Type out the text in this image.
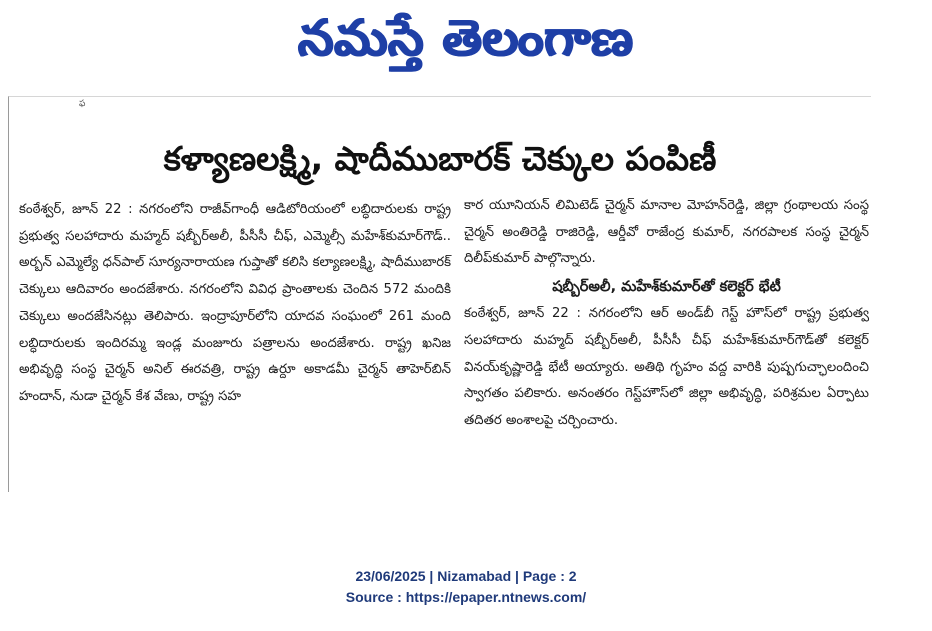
నమస్తే తెలంగాణ
ఫ
కళ్యాణలక్ష్మి, షాదీముబారక్ చెక్కుల పంపిణీ

కంఠేశ్వర్, జూన్ 22 : నగరంలోని రాజీవ్‌గాంధీ ఆడిటోరియంలో లబ్ధిదారులకు రాష్ట్ర ప్రభుత్వ సలహాదారు మహ్మద్ షబ్బీర్‌అలీ, పీసీసీ చీఫ్, ఎమ్మెల్సీ మహేశ్‌కుమార్‌గౌడ్.. అర్బన్ ఎమ్మెల్యే ధన్‌పాల్ సూర్యనారాయణ గుప్తాతో కలిసి కల్యాణలక్ష్మి, షాదీముబారక్ చెక్కులు ఆదివారం అందజేశారు. నగరంలోని వివిధ ప్రాంతాలకు చెందిన 572 మందికి చెక్కులు అందజేసినట్లు తెలిపారు. ఇంద్రాపూర్‌లోని యాదవ సంఘంలో 261 మంది లబ్ధిదారులకు ఇందిరమ్మ ఇండ్ల మంజూరు పత్రాలను అందజేశారు. రాష్ట్ర ఖనిజ అభివృద్ధి సంస్థ చైర్మన్ అనిల్ ఈరవత్రి, రాష్ట్ర ఉర్దూ అకాడమీ చైర్మన్ తాహెర్‌బిన్ హందాన్, నుడా చైర్మన్ కేశ వేణు, రాష్ట్ర సహ

కార యూనియన్ లిమిటెడ్ చైర్మన్ మానాల మోహన్‌రెడ్డి, జిల్లా గ్రంథాలయ సంస్థ చైర్మన్ అంతిరెడ్డి రాజిరెడ్డి, ఆర్డీవో రాజేంద్ర కుమార్, నగరపాలక సంస్థ చైర్మన్ దిలీప్‌కుమార్ పాల్గొన్నారు.

షబ్బీర్‌అలీ, మహేశ్‌కుమార్‌తో కలెక్టర్ భేటీ

కంఠేశ్వర్, జూన్ 22 : నగరంలోని ఆర్ అండ్‌బీ గెస్ట్ హౌస్‌లో రాష్ట్ర ప్రభుత్వ సలహాదారు మహ్మద్ షబ్బీర్‌అలీ, పీసీసీ చీఫ్ మహేశ్‌కుమార్‌గౌడ్‌తో కలెక్టర్ వినయ్‌కృష్ణారెడ్డి భేటీ అయ్యారు. అతిథి గృహం వద్ద వారికి పుష్పగుచ్ఛాలందించి స్వాగతం పలికారు. అనంతరం గెస్ట్‌హౌస్‌లో జిల్లా అభివృద్ధి, పరిశ్రమల ఏర్పాటు తదితర అంశాలపై చర్చించారు.

23/06/2025 | Nizamabad | Page : 2
Source : https://epaper.ntnews.com/
